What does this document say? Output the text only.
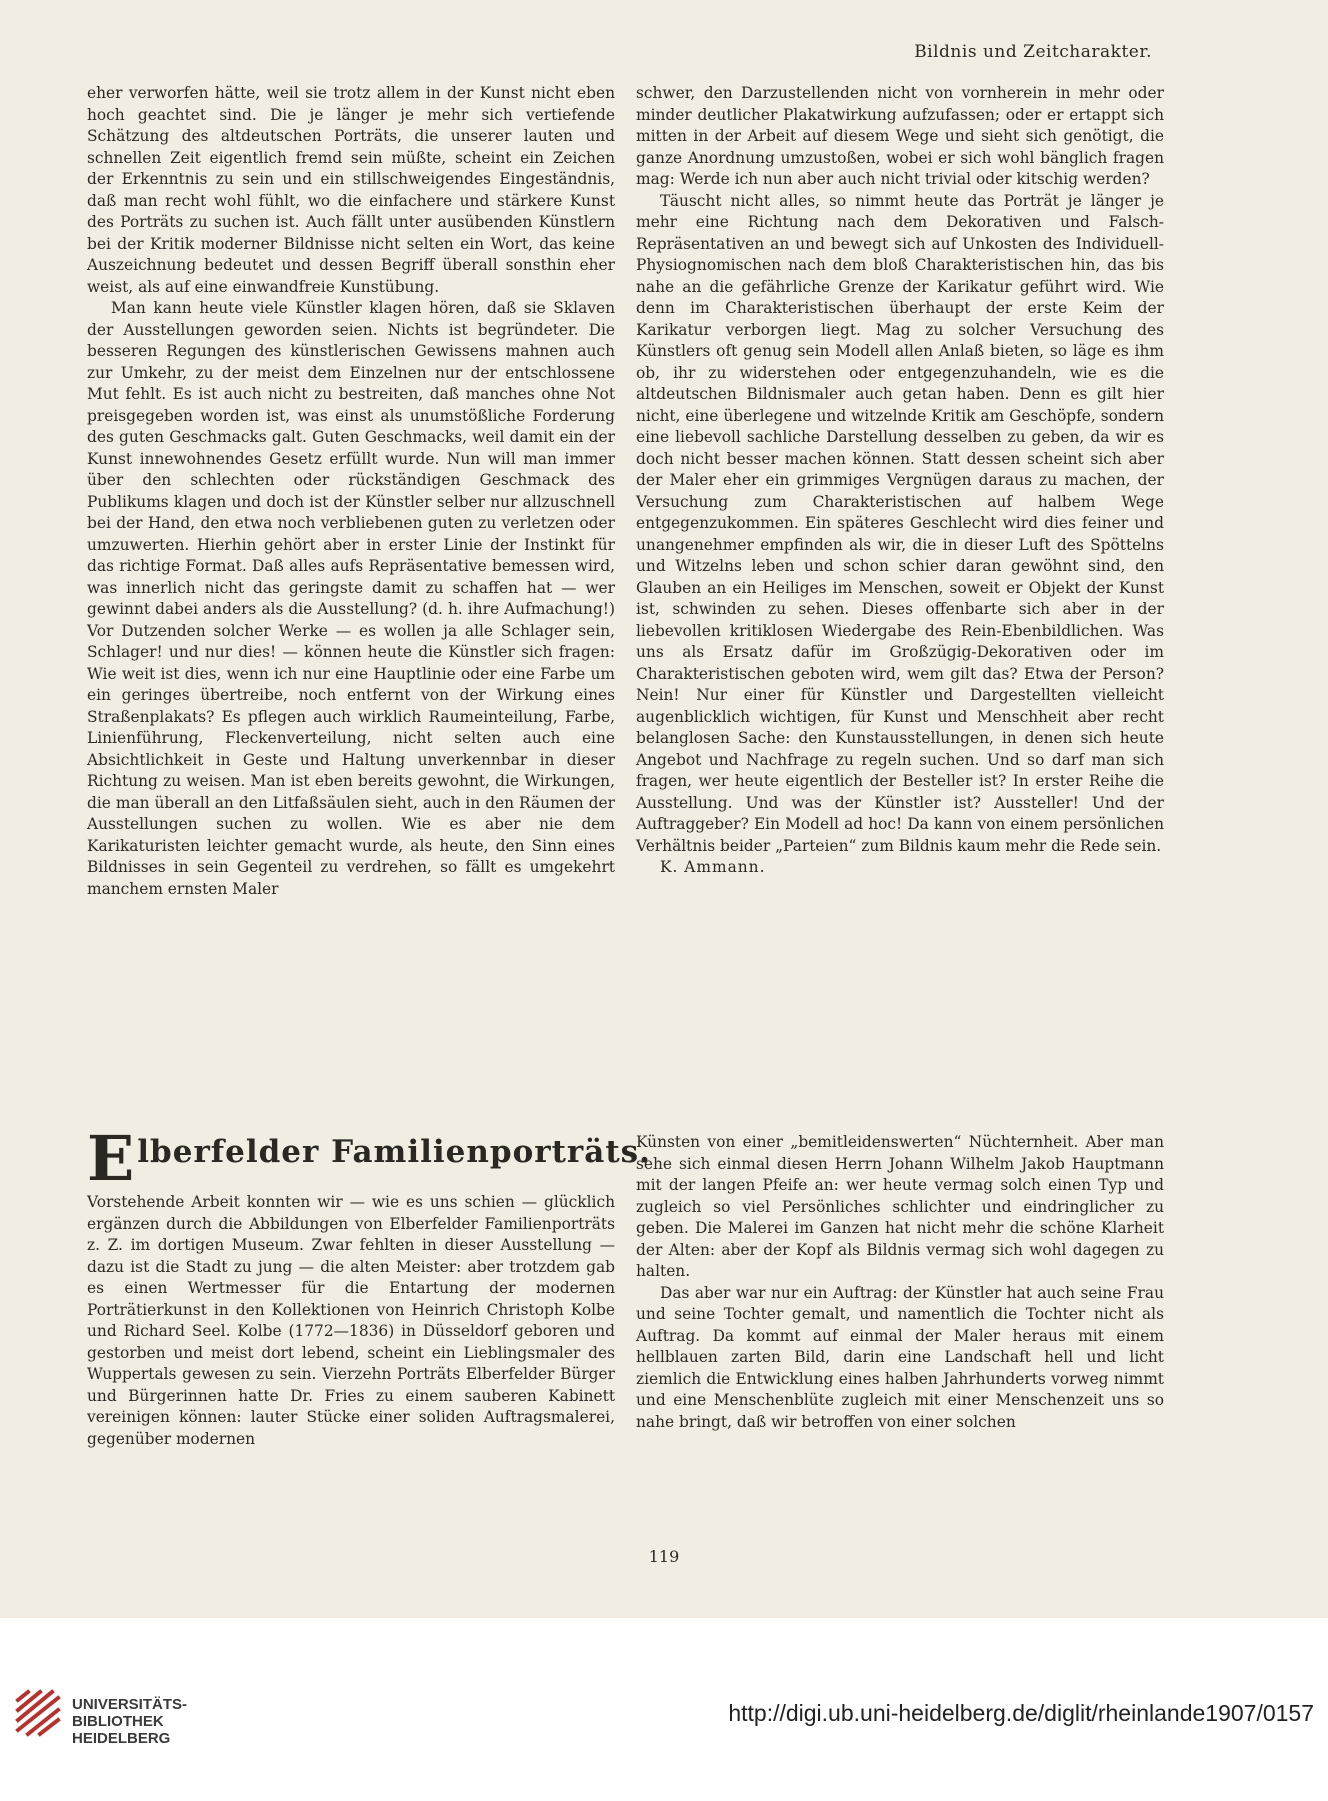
Bildnis und Zeitcharakter.

eher verworfen hätte, weil sie trotz allem in der Kunst nicht eben hoch geachtet sind. Die je länger je mehr sich vertiefende Schätzung des altdeutschen Porträts, die unserer lauten und schnellen Zeit eigentlich fremd sein müßte, scheint ein Zeichen der Erkenntnis zu sein und ein stillschweigendes Eingeständnis, daß man recht wohl fühlt, wo die einfachere und stärkere Kunst des Porträts zu suchen ist. Auch fällt unter ausübenden Künstlern bei der Kritik moderner Bildnisse nicht selten ein Wort, das keine Auszeichnung bedeutet und dessen Begriff überall sonsthin eher weist, als auf eine einwandfreie Kunstübung.

Man kann heute viele Künstler klagen hören, daß sie Sklaven der Ausstellungen geworden seien. Nichts ist begründeter. Die besseren Regungen des künstlerischen Gewissens mahnen auch zur Umkehr, zu der meist dem Einzelnen nur der entschlossene Mut fehlt. Es ist auch nicht zu bestreiten, daß manches ohne Not preisgegeben worden ist, was einst als unumstößliche Forderung des guten Geschmacks galt. Guten Geschmacks, weil damit ein der Kunst innewohnendes Gesetz erfüllt wurde. Nun will man immer über den schlechten oder rückständigen Geschmack des Publikums klagen und doch ist der Künstler selber nur allzuschnell bei der Hand, den etwa noch verbliebenen guten zu verletzen oder umzuwerten. Hierhin gehört aber in erster Linie der Instinkt für das richtige Format. Daß alles aufs Repräsentative bemessen wird, was innerlich nicht das geringste damit zu schaffen hat — wer gewinnt dabei anders als die Ausstellung? (d. h. ihre Aufmachung!) Vor Dutzenden solcher Werke — es wollen ja alle Schlager sein, Schlager! und nur dies! — können heute die Künstler sich fragen: Wie weit ist dies, wenn ich nur eine Hauptlinie oder eine Farbe um ein geringes übertreibe, noch entfernt von der Wirkung eines Straßenplakats? Es pflegen auch wirklich Raumeinteilung, Farbe, Linienführung, Fleckenverteilung, nicht selten auch eine Absichtlichkeit in Geste und Haltung unverkennbar in dieser Richtung zu weisen. Man ist eben bereits gewohnt, die Wirkungen, die man überall an den Litfaßsäulen sieht, auch in den Räumen der Ausstellungen suchen zu wollen. Wie es aber nie dem Karikaturisten leichter gemacht wurde, als heute, den Sinn eines Bildnisses in sein Gegenteil zu verdrehen, so fällt es umgekehrt manchem ernsten Maler

schwer, den Darzustellenden nicht von vornherein in mehr oder minder deutlicher Plakatwirkung aufzufassen; oder er ertappt sich mitten in der Arbeit auf diesem Wege und sieht sich genötigt, die ganze Anordnung umzustoßen, wobei er sich wohl bänglich fragen mag: Werde ich nun aber auch nicht trivial oder kitschig werden?

Täuscht nicht alles, so nimmt heute das Porträt je länger je mehr eine Richtung nach dem Dekorativen und Falsch-Repräsentativen an und bewegt sich auf Unkosten des Individuell-Physiognomischen nach dem bloß Charakteristischen hin, das bis nahe an die gefährliche Grenze der Karikatur geführt wird. Wie denn im Charakteristischen überhaupt der erste Keim der Karikatur verborgen liegt. Mag zu solcher Versuchung des Künstlers oft genug sein Modell allen Anlaß bieten, so läge es ihm ob, ihr zu widerstehen oder entgegenzuhandeln, wie es die altdeutschen Bildnismaler auch getan haben. Denn es gilt hier nicht, eine überlegene und witzelnde Kritik am Geschöpfe, sondern eine liebevoll sachliche Darstellung desselben zu geben, da wir es doch nicht besser machen können. Statt dessen scheint sich aber der Maler eher ein grimmiges Vergnügen daraus zu machen, der Versuchung zum Charakteristischen auf halbem Wege entgegenzukommen. Ein späteres Geschlecht wird dies feiner und unangenehmer empfinden als wir, die in dieser Luft des Spöttelns und Witzelns leben und schon schier daran gewöhnt sind, den Glauben an ein Heiliges im Menschen, soweit er Objekt der Kunst ist, schwinden zu sehen. Dieses offenbarte sich aber in der liebevollen kritiklosen Wiedergabe des Rein-Ebenbildlichen. Was uns als Ersatz dafür im Großzügig-Dekorativen oder im Charakteristischen geboten wird, wem gilt das? Etwa der Person? Nein! Nur einer für Künstler und Dargestellten vielleicht augenblicklich wichtigen, für Kunst und Menschheit aber recht belanglosen Sache: den Kunstausstellungen, in denen sich heute Angebot und Nachfrage zu regeln suchen. Und so darf man sich fragen, wer heute eigentlich der Besteller ist? In erster Reihe die Ausstellung. Und was der Künstler ist? Aussteller! Und der Auftraggeber? Ein Modell ad hoc! Da kann von einem persönlichen Verhältnis beider „Parteien“ zum Bildnis kaum mehr die Rede sein.

K. Ammann.

E lberfelder Familienporträts.

Vorstehende Arbeit konnten wir — wie es uns schien — glücklich ergänzen durch die Abbildungen von Elberfelder Familienporträts z. Z. im dortigen Museum. Zwar fehlten in dieser Ausstellung — dazu ist die Stadt zu jung — die alten Meister: aber trotzdem gab es einen Wertmesser für die Entartung der modernen Porträtierkunst in den Kollektionen von Heinrich Christoph Kolbe und Richard Seel. Kolbe (1772—1836) in Düsseldorf geboren und gestorben und meist dort lebend, scheint ein Lieblingsmaler des Wuppertals gewesen zu sein. Vierzehn Porträts Elberfelder Bürger und Bürgerinnen hatte Dr. Fries zu einem sauberen Kabinett vereinigen können: lauter Stücke einer soliden Auftragsmalerei, gegenüber modernen

Künsten von einer „bemitleidenswerten“ Nüchternheit. Aber man sehe sich einmal diesen Herrn Johann Wilhelm Jakob Hauptmann mit der langen Pfeife an: wer heute vermag solch einen Typ und zugleich so viel Persönliches schlichter und eindringlicher zu geben. Die Malerei im Ganzen hat nicht mehr die schöne Klarheit der Alten: aber der Kopf als Bildnis vermag sich wohl dagegen zu halten.

Das aber war nur ein Auftrag: der Künstler hat auch seine Frau und seine Tochter gemalt, und namentlich die Tochter nicht als Auftrag. Da kommt auf einmal der Maler heraus mit einem hellblauen zarten Bild, darin eine Landschaft hell und licht ziemlich die Entwicklung eines halben Jahrhunderts vorweg nimmt und eine Menschenblüte zugleich mit einer Menschenzeit uns so nahe bringt, daß wir betroffen von einer solchen

119
UNIVERSITÄTS-
BIBLIOTHEK
HEIDELBERG
http://digi.ub.uni-heidelberg.de/diglit/rheinlande1907/0157
